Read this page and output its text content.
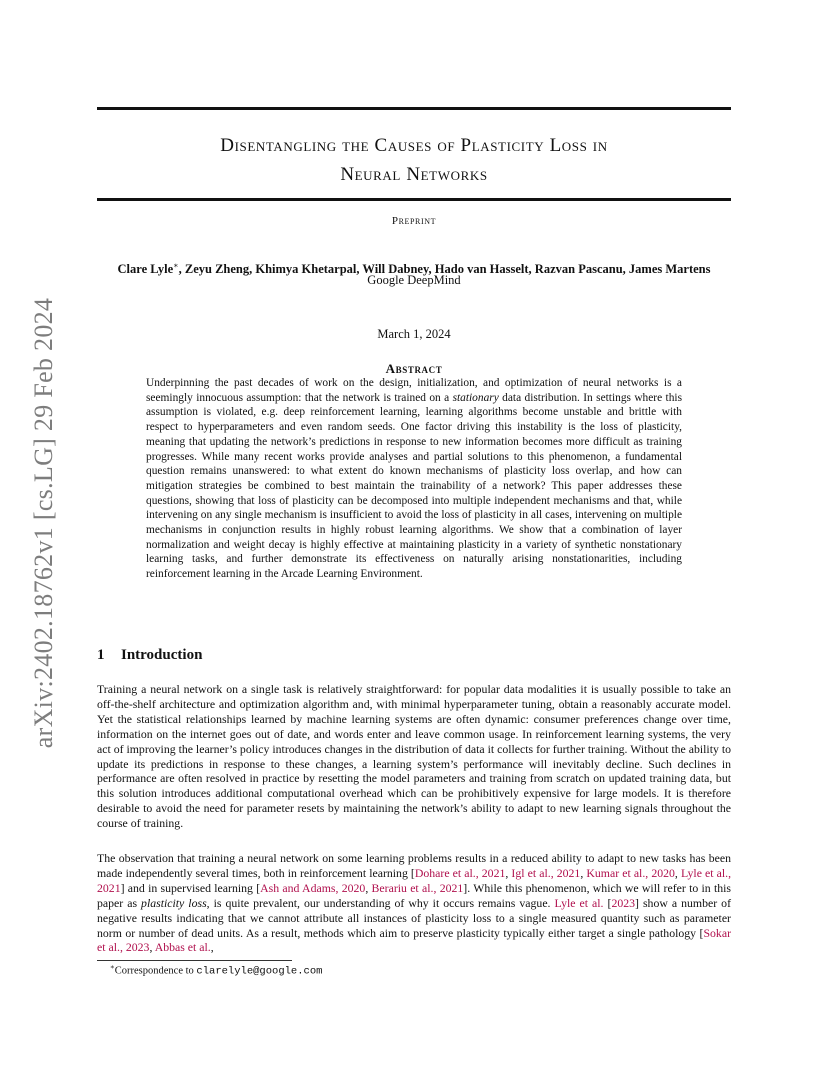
arXiv:2402.18762v1 [cs.LG] 29 Feb 2024
Disentangling the Causes of Plasticity Loss in
Neural Networks
Preprint
Clare Lyle∗, Zeyu Zheng, Khimya Khetarpal, Will Dabney, Hado van Hasselt, Razvan Pascanu, James Martens
Google DeepMind
March 1, 2024
Abstract

Underpinning the past decades of work on the design, initialization, and optimization of neural networks is a seemingly innocuous assumption: that the network is trained on a stationary data distribution. In settings where this assumption is violated, e.g. deep reinforcement learning, learning algorithms become unstable and brittle with respect to hyperparameters and even random seeds. One factor driving this instability is the loss of plasticity, meaning that updating the network’s predictions in response to new information becomes more difficult as training progresses. While many recent works provide analyses and partial solutions to this phenomenon, a fundamental question remains unanswered: to what extent do known mechanisms of plasticity loss overlap, and how can mitigation strategies be combined to best maintain the trainability of a network? This paper addresses these questions, showing that loss of plasticity can be decomposed into multiple independent mechanisms and that, while intervening on any single mechanism is insufficient to avoid the loss of plasticity in all cases, intervening on multiple mechanisms in conjunction results in highly robust learning algorithms. We show that a combination of layer normalization and weight decay is highly effective at maintaining plasticity in a variety of synthetic nonstationary learning tasks, and further demonstrate its effectiveness on naturally arising nonstationarities, including reinforcement learning in the Arcade Learning Environment.

1 Introduction

Training a neural network on a single task is relatively straightforward: for popular data modalities it is usually possible to take an off-the-shelf architecture and optimization algorithm and, with minimal hyperparameter tuning, obtain a reasonably accurate model. Yet the statistical relationships learned by machine learning systems are often dynamic: consumer preferences change over time, information on the internet goes out of date, and words enter and leave common usage. In reinforcement learning systems, the very act of improving the learner’s policy introduces changes in the distribution of data it collects for further training. Without the ability to update its predictions in response to these changes, a learning system’s performance will inevitably decline. Such declines in performance are often resolved in practice by resetting the model parameters and training from scratch on updated training data, but this solution introduces additional computational overhead which can be prohibitively expensive for large models. It is therefore desirable to avoid the need for parameter resets by maintaining the network’s ability to adapt to new learning signals throughout the course of training.

The observation that training a neural network on some learning problems results in a reduced ability to adapt to new tasks has been made independently several times, both in reinforcement learning [Dohare et al., 2021, Igl et al., 2021, Kumar et al., 2020, Lyle et al., 2021] and in supervised learning [Ash and Adams, 2020, Berariu et al., 2021]. While this phenomenon, which we will refer to in this paper as plasticity loss, is quite prevalent, our understanding of why it occurs remains vague. Lyle et al. [2023] show a number of negative results indicating that we cannot attribute all instances of plasticity loss to a single measured quantity such as parameter norm or number of dead units. As a result, methods which aim to preserve plasticity typically either target a single pathology [Sokar et al., 2023, Abbas et al.,

∗Correspondence to clarelyle@google.com
